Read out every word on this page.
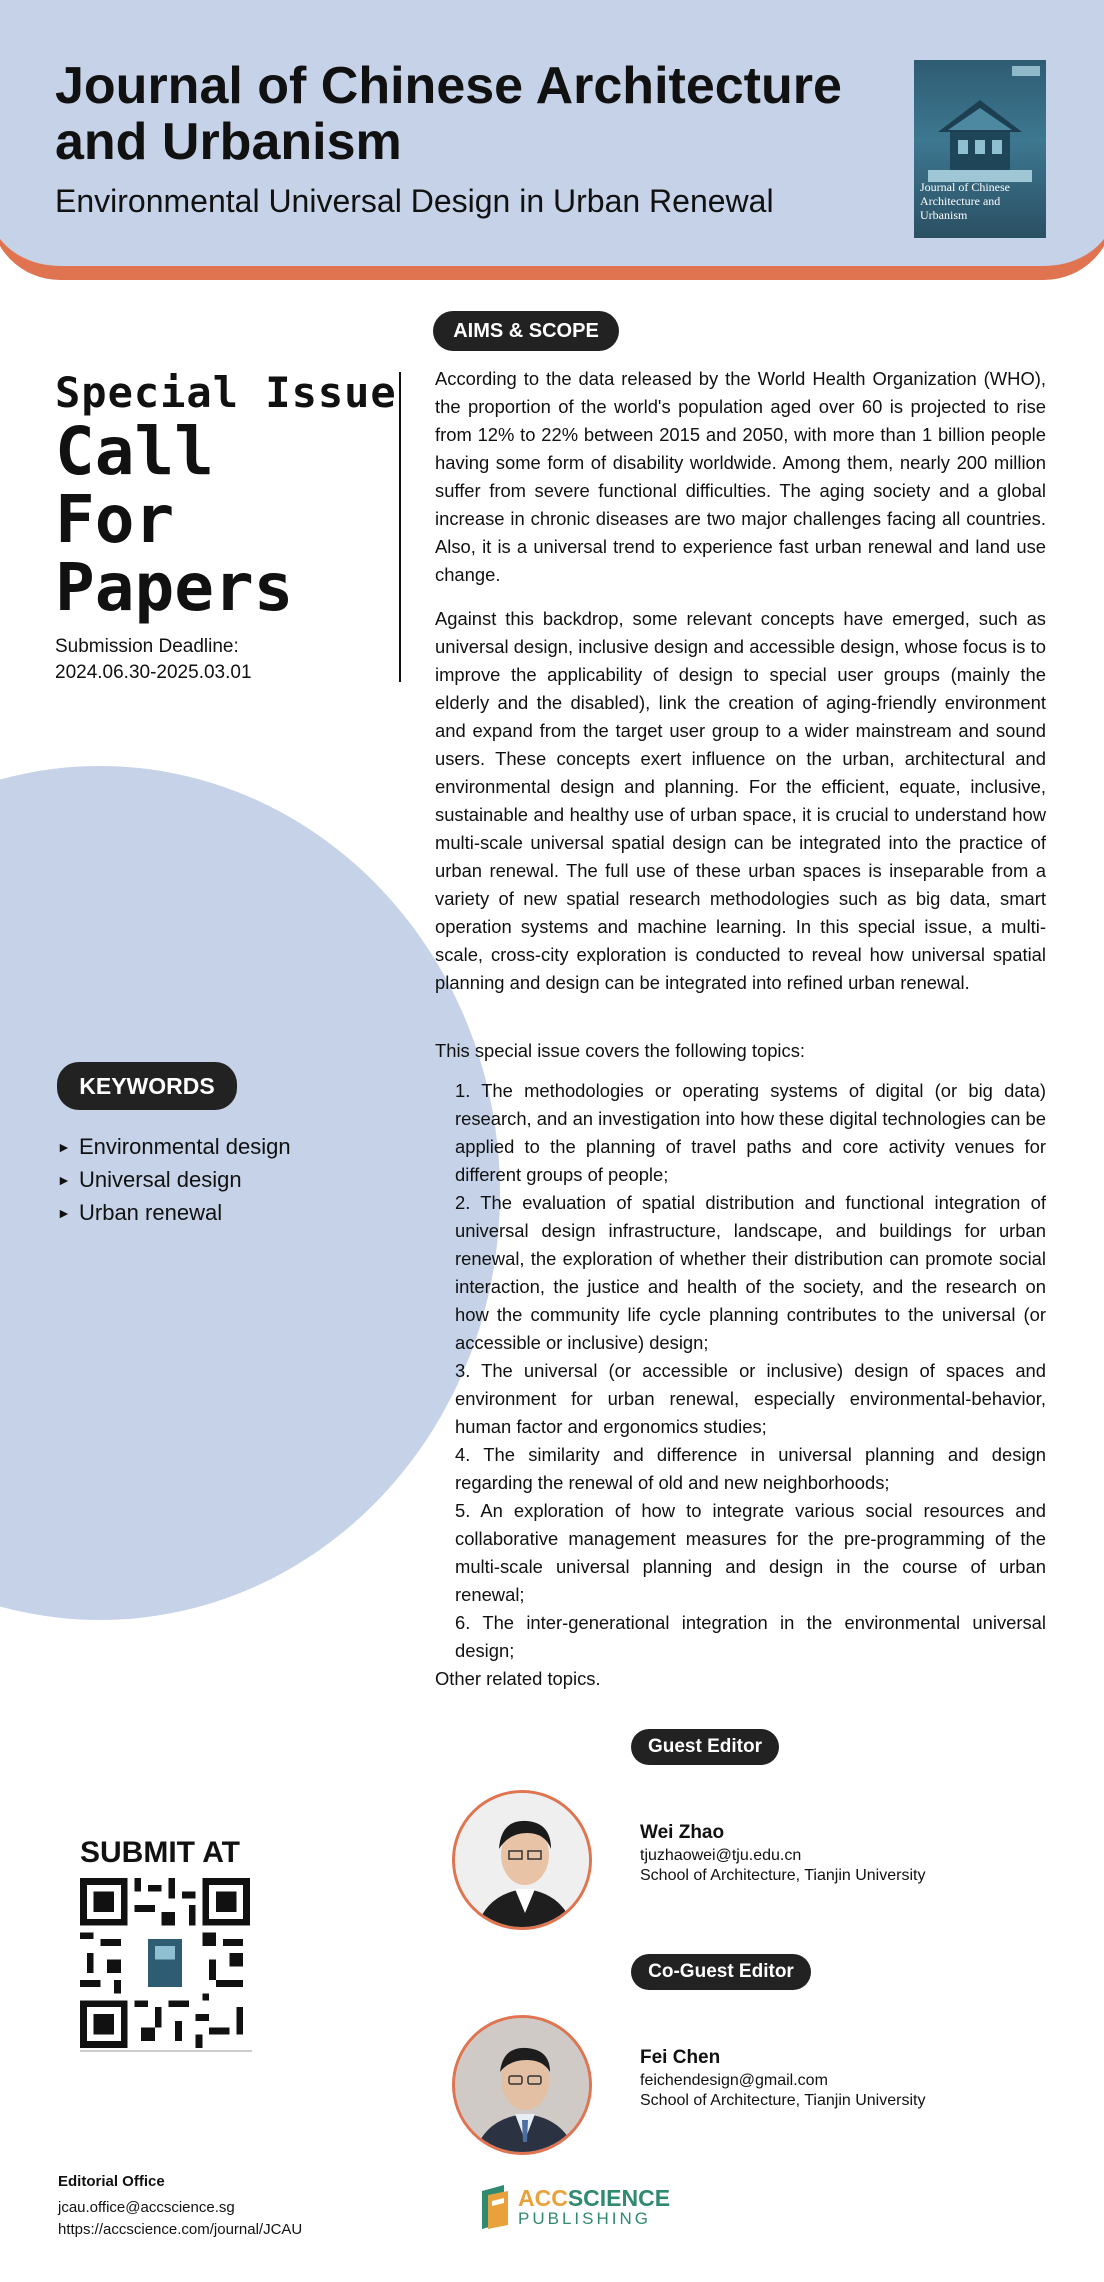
Journal of Chinese Architecture and Urbanism
Environmental Universal Design in Urban Renewal	Journal of Chinese Architecture and Urbanism
Special Issue
Call
For
Papers
Submission Deadline:
2024.06.30-2025.03.01
KEYWORDS
► Environmental design
► Universal design
► Urban renewal
SUBMIT AT
Editorial Office
jcau.office@accscience.sg
https://accscience.com/journal/JCAU
AIMS & SCOPE

According to the data released by the World Health Organization (WHO), the proportion of the world's population aged over 60 is projected to rise from 12% to 22% between 2015 and 2050, with more than 1 billion people having some form of disability worldwide. Among them, nearly 200 million suffer from severe functional difficulties. The aging society and a global increase in chronic diseases are two major challenges facing all countries. Also, it is a universal trend to experience fast urban renewal and land use change.

Against this backdrop, some relevant concepts have emerged, such as universal design, inclusive design and accessible design, whose focus is to improve the applicability of design to special user groups (mainly the elderly and the disabled), link the creation of aging-friendly environment and expand from the target user group to a wider mainstream and sound users. These concepts exert influence on the urban, architectural and environmental design and planning. For the efficient, equate, inclusive, sustainable and healthy use of urban space, it is crucial to understand how multi-scale universal spatial design can be integrated into the practice of urban renewal. The full use of these urban spaces is inseparable from a variety of new spatial research methodologies such as big data, smart operation systems and machine learning. In this special issue, a multi-scale, cross-city exploration is conducted to reveal how universal spatial planning and design can be integrated into refined urban renewal.

This special issue covers the following topics:

1. The methodologies or operating systems of digital (or big data) research, and an investigation into how these digital technologies can be applied to the planning of travel paths and core activity venues for different groups of people;
2. The evaluation of spatial distribution and functional integration of universal design infrastructure, landscape, and buildings for urban renewal, the exploration of whether their distribution can promote social interaction, the justice and health of the society, and the research on how the community life cycle planning contributes to the universal (or accessible or inclusive) design;
3. The universal (or accessible or inclusive) design of spaces and environment for urban renewal, especially environmental-behavior, human factor and ergonomics studies;
4. The similarity and difference in universal planning and design regarding the renewal of old and new neighborhoods;
5. An exploration of how to integrate various social resources and collaborative management measures for the pre-programming of the multi-scale universal planning and design in the course of urban renewal;
6. The inter-generational integration in the environmental universal design;
Other related topics.
Guest Editor
Wei Zhao
tjuzhaowei@tju.edu.cn
School of Architecture, Tianjin University
Co-Guest Editor
Fei Chen
feichendesign@gmail.com
School of Architecture, Tianjin University
ACCSCIENCE
PUBLISHING
